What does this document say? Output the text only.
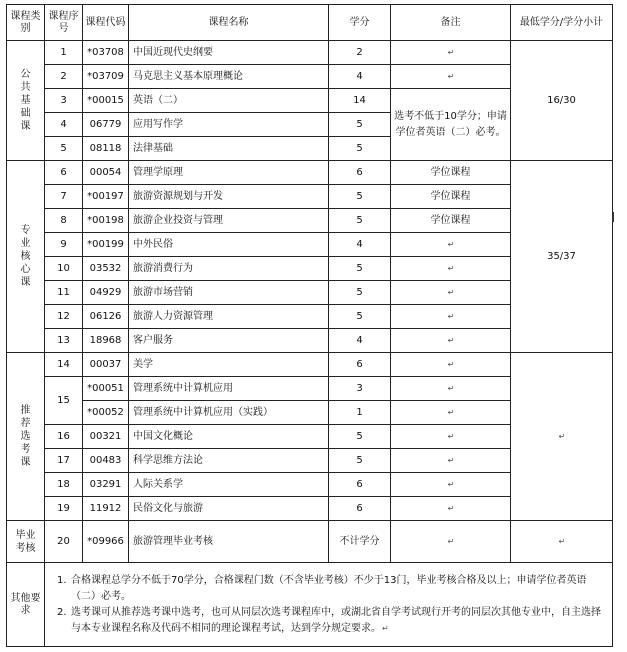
课程类别	课程序号	课程代码	课程名称	学分	备注	最低学分/学分小计

公
共
基
础
课	1	*03708	中国近现代史纲要	2	↵	16/30
	2	*03709	马克思主义基本原理概论	4	↵	
	3	*00015	英语（二）	14	选考不低于10学分；申请学位者英语（二）必考。	
	4	06779	应用写作学	5		
	5	08118	法律基础	5		

专
业
核
心
课	6	00054	管理学原理	6	学位课程	35/37
	7	*00197	旅游资源规划与开发	5	学位课程	
	8	*00198	旅游企业投资与管理	5	学位课程	
	9	*00199	中外民俗	4	↵	
	10	03532	旅游消费行为	5	↵	
	11	04929	旅游市场营销	5	↵	
	12	06126	旅游人力资源管理	5	↵	
	13	18968	客户服务	4	↵	

推
荐
选
考
课	14	00037	美学	6	↵	↵
	15	*00051	管理系统中计算机应用	3	↵	
		*00052	管理系统中计算机应用（实践）	1	↵	
	16	00321	中国文化概论	5	↵	
	17	00483	科学思维方法论	5	↵	
	18	03291	人际关系学	6	↵	
	19	11912	民俗文化与旅游	6	↵	

毕业
考核	20	*09966	旅游管理毕业考核	不计学分	↵	↵
其他要求	1. 合格课程总学分不低于70学分，合格课程门数（不含毕业考核）不少于13门，毕业考核合格及以上；申请学位者英语（二）必考。

2. 选考课可从推荐选考课中选考，也可从同层次选考课程库中，或湖北省自学考试现行开考的同层次其他专业中，自主选择与本专业课程名称及代码不相同的理论课程考试，达到学分规定要求。↵					
